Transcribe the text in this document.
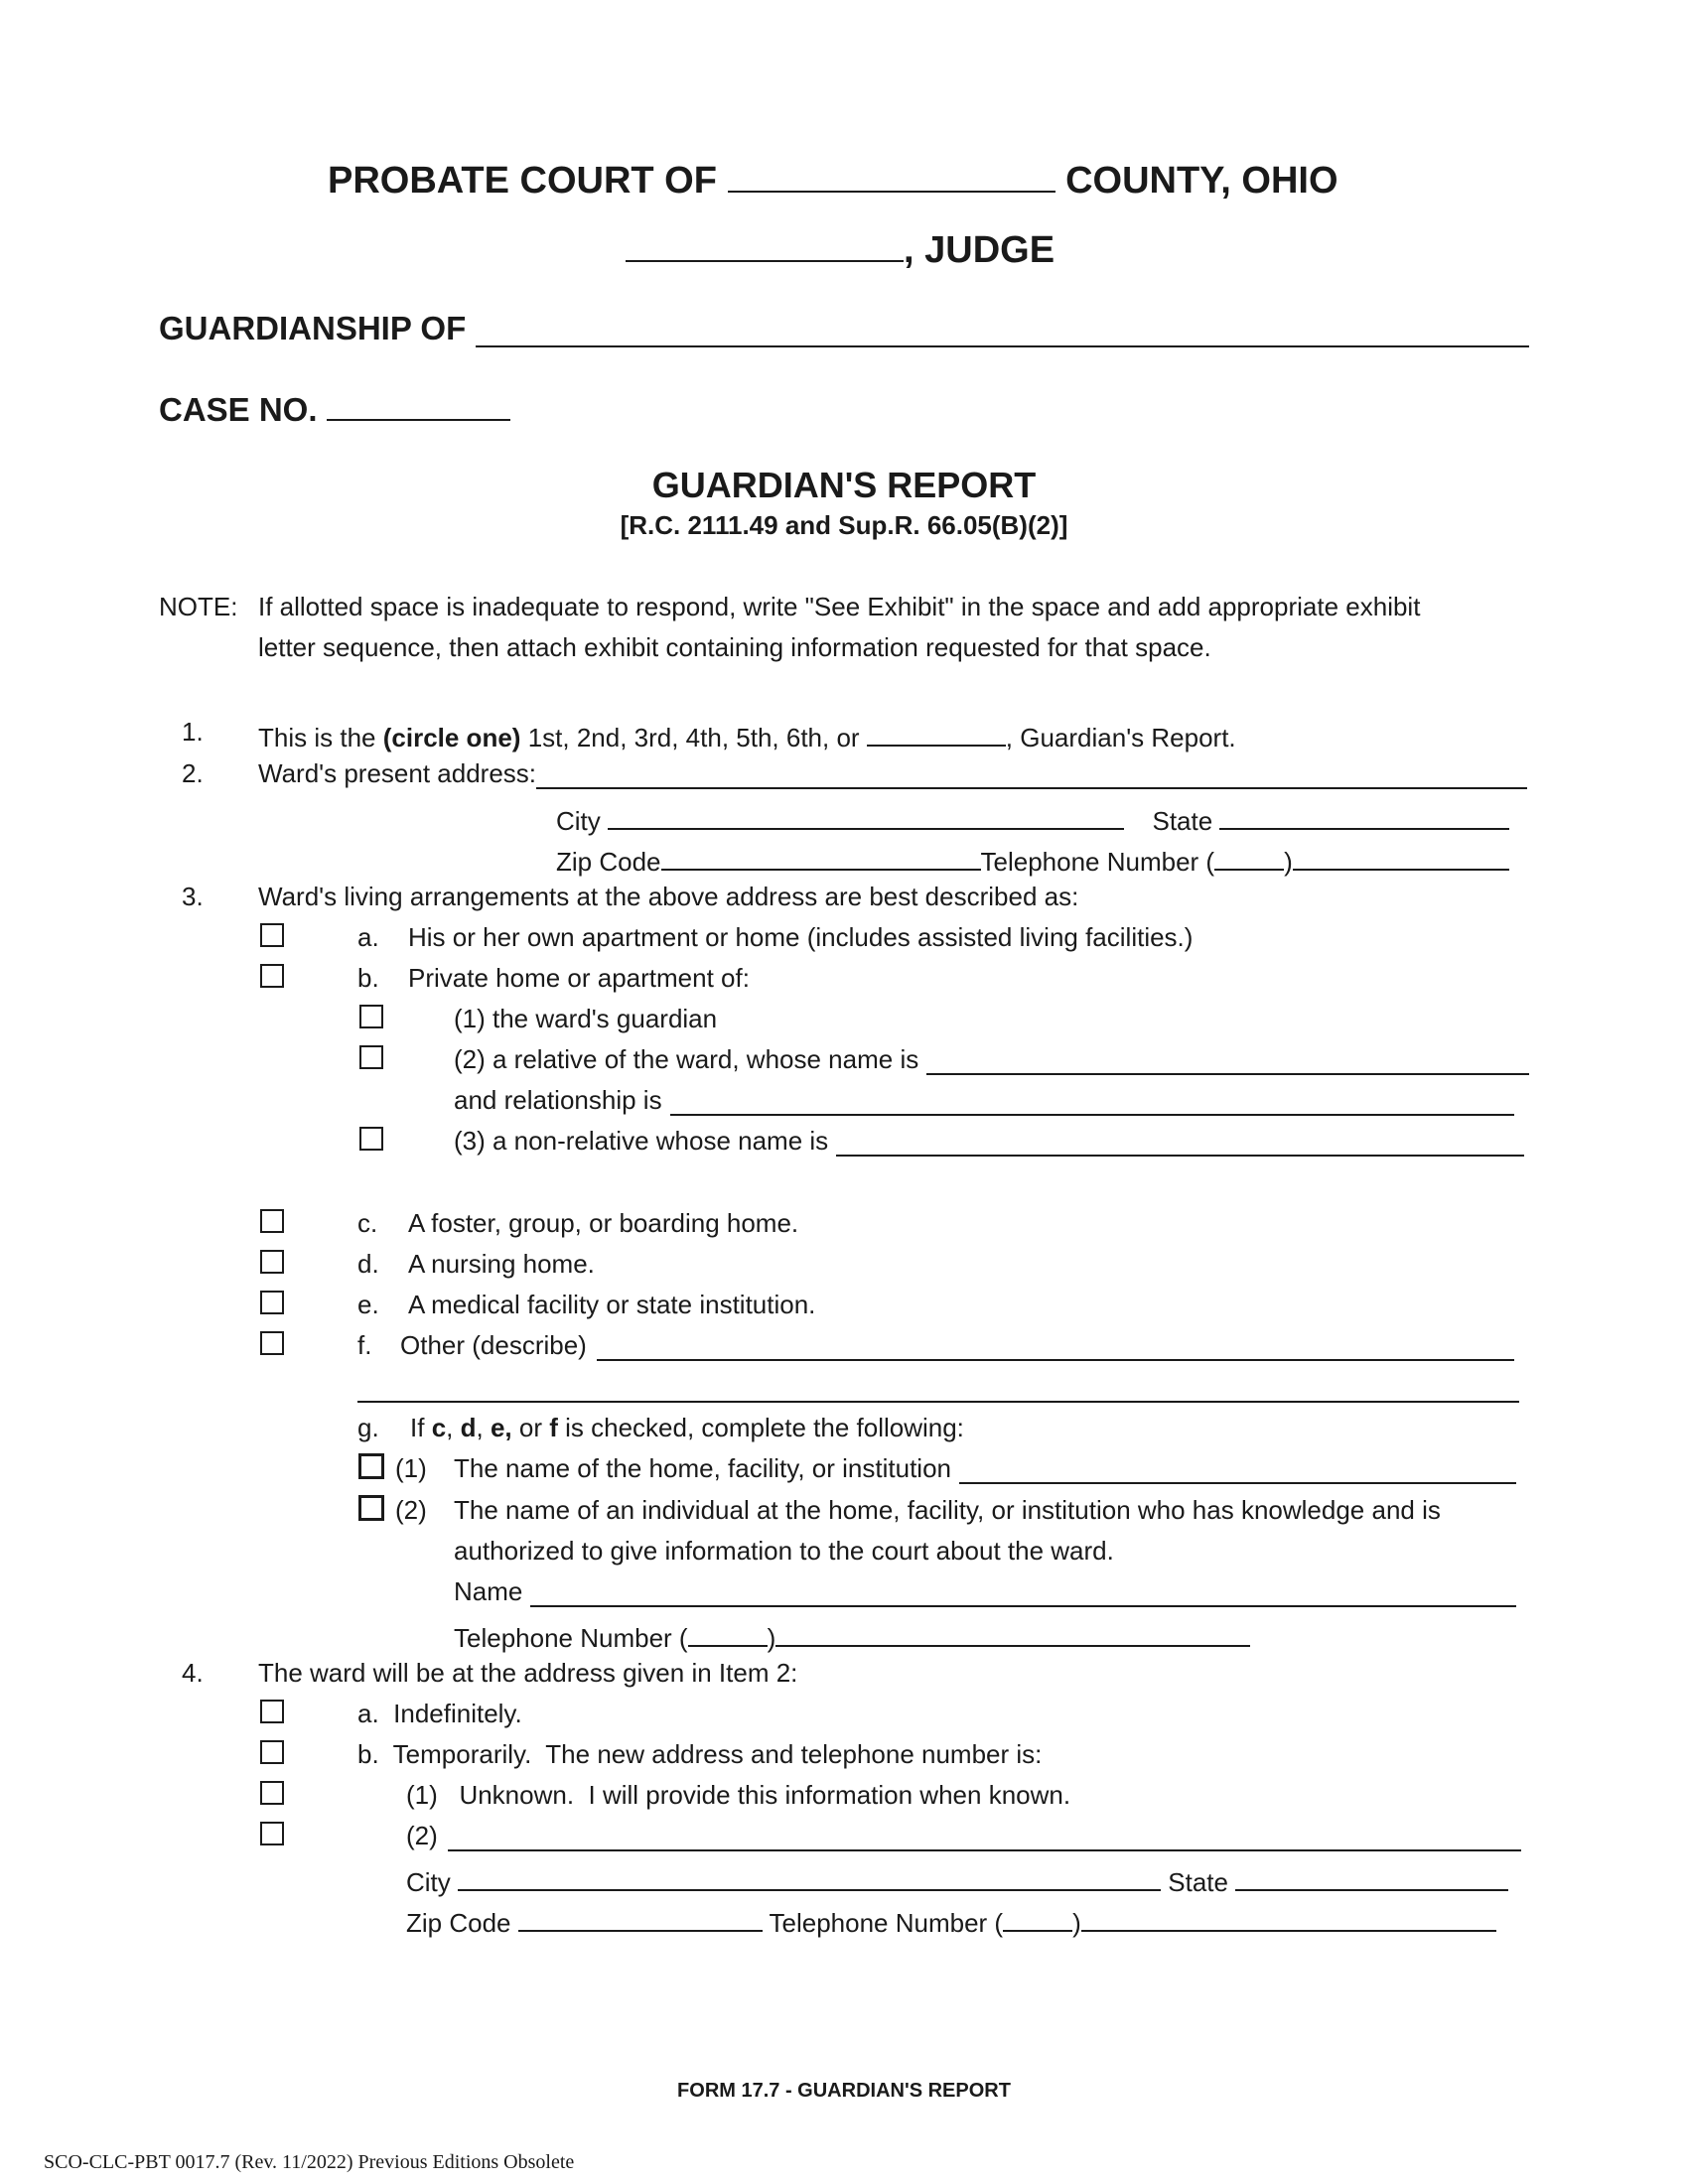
PROBATE COURT OF	COUNTY, OHIO
, JUDGE
GUARDIANSHIP OF
CASE NO.
GUARDIAN'S REPORT
[R.C. 2111.49 and Sup.R. 66.05(B)(2)]
NOTE: If allotted space is inadequate to respond, write "See Exhibit" in the space and add appropriate exhibit
letter sequence, then attach exhibit containing information requested for that space.
1. This is the (circle one) 1st, 2nd, 3rd, 4th, 5th, 6th, or	, Guardian's Report.
2. Ward's present address:
City	State
Zip Code	Telephone Number (	)
3. Ward's living arrangements at the above address are best described as:
a. His or her own apartment or home (includes assisted living facilities.)
b. Private home or apartment of:
(1) the ward's guardian
(2) a relative of the ward, whose name is
and relationship is
(3) a non-relative whose name is
c. A foster, group, or boarding home.
d. A nursing home.
e. A medical facility or state institution.
f. Other (describe)
g. If c, d, e, or f is checked, complete the following:
(1) The name of the home, facility, or institution
(2) The name of an individual at the home, facility, or institution who has knowledge and is
authorized to give information to the court about the ward.
Name
Telephone Number (	)
4. The ward will be at the address given in Item 2:
a.  Indefinitely.
b.  Temporarily.  The new address and telephone number is:
(1)   Unknown.  I will provide this information when known.
(2)
City	State
Zip Code	Telephone Number (	)
FORM 17.7 - GUARDIAN'S REPORT
SCO-CLC-PBT 0017.7 (Rev. 11/2022) Previous Editions Obsolete
